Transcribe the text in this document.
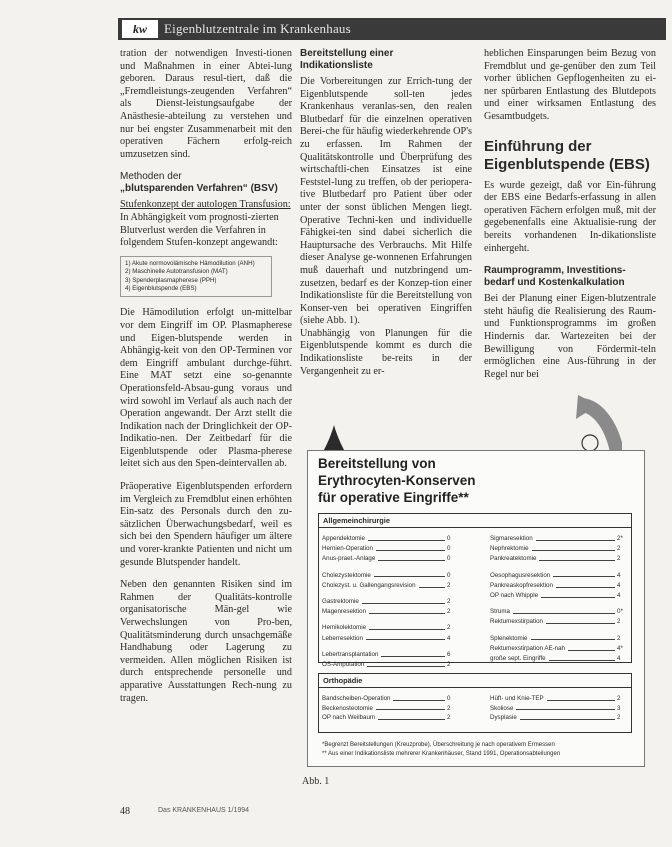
kw	Eigenblutzentrale im Krankenhaus

tration der notwendigen Investi-tionen und Maßnahmen in einer Abtei-lung geboren. Daraus resul-tiert, daß die „Fremdleistungs-zeugenden Verfahren“ als Dienst-leistungsaufgabe der Anästhesie-abteilung zu verstehen und nur bei engster Zusammenarbeit mit den operativen Fächern erfolg-reich umzusetzen sind.

Methoden der
„blutsparenden Verfahren“ (BSV)
Stufenkonzept der autologen Transfusion:

In Abhängigkeit vom prognosti-zierten Blutverlust werden die Verfahren in folgendem Stufen-konzept angewandt:

1) Akute normovolämische Hämodilution (ANH)
2) Maschinelle Autotransfusion (MAT)
3) Spenderplasmapherese (PPH)
4) Eigenblutspende (EBS)

Die Hämodilution erfolgt un-mittelbar vor dem Eingriff im OP. Plasmapherese und Eigen-blutspende werden in Abhängig-keit von den OP-Terminen vor dem Eingriff ambulant durchge-führt. Eine MAT setzt eine so-genannte Operationsfeld-Absau-gung voraus und wird sowohl im Verlauf als auch nach der Operation angewandt. Der Arzt stellt die Indikation nach der Dringlichkeit der OP-Indikatio-nen. Der Zeitbedarf für die Eigenblutspende oder Plasma-pherese leitet sich aus den Spen-deintervallen ab.

Präoperative Eigenblutspenden erfordern im Vergleich zu Fremdblut einen erhöhten Ein-satz des Personals durch den zu-sätzlichen Überwachungsbedarf, weil es sich bei den Spendern häufiger um ältere und vorer-krankte Patienten und nicht um gesunde Blutspender handelt.

Neben den genannten Risiken sind im Rahmen der Qualitäts-kontrolle organisatorische Män-gel wie Verwechslungen von Pro-ben, Qualitätsminderung durch unsachgemäße Handhabung oder Lagerung zu vermeiden. Allen möglichen Risiken ist durch entsprechende personelle und apparative Ausstattungen Rech-nung zu tragen.

Bereitstellung einer
Indikationsliste

Die Vorbereitungen zur Errich-tung der Eigenblutspende soll-ten jedes Krankenhaus veranlas-sen, den realen Blutbedarf für die einzelnen operativen Berei-che für häufig wiederkehrende OP's zu erfassen. Im Rahmen der Qualitätskontrolle und Überprüfung des wirtschaftli-chen Einsatzes ist eine Feststel-lung zu treffen, ob der periopera-tive Blutbedarf pro Patient über oder unter der sonst üblichen Mengen liegt. Operative Techni-ken und individuelle Fähigkei-ten sind dabei sicherlich die Hauptursache des Verbrauchs. Mit Hilfe dieser Analyse ge-wonnenen Erfahrungen muß dauerhaft und nutzbringend um-zusetzen, bedarf es der Konzep-tion einer Indikationsliste für die Bereitstellung von Konser-ven bei operativen Eingriffen (siehe Abb. 1).

Unabhängig von Planungen für die Eigenblutspende kommt es durch die Indikationsliste be-reits in der Vergangenheit zu er-

heblichen Einsparungen beim Bezug von Fremdblut und ge-genüber den zum Teil vorher üblichen Gepflogenheiten zu ei-ner spürbaren Entlastung des Blutdepots und einer wirksamen Entlastung des Gesamtbudgets.

Einführung der
Eigenblutspende (EBS)

Es wurde gezeigt, daß vor Ein-führung der EBS eine Bedarfs-erfassung in allen operativen Fächern erfolgen muß, mit der gegebenenfalls eine Aktualisie-rung der bereits vorhandenen In-dikationsliste einhergeht.

Raumprogramm, Investitions-
bedarf und Kostenkalkulation

Bei der Planung einer Eigen-blutzentrale steht häufig die Realisierung des Raum- und Funktionsprogramms im großen Hindernis dar. Wartezeiten bei der Bewilligung von Fördermit-teln ermöglichen eine Aus-führung in der Regel nur bei

Bereitstellung von
Erythrocyten-Konserven
für operative Eingriffe**
Allgemeinchirurgie
Orthopädie
*Begrenzt Bereitstellungen (Kreuzprobe), Überschreitung je nach operativem Ermessen
** Aus einer Indikationsliste mehrerer Krankenhäuser, Stand 1991, Operationsabteilungen
Appendektomie	0
Hernien-Operation	0
Anus-praet.-Anlage	0
Cholezystektomie	0
Cholezyst. u. Gallengangsrevision	2
Gastrektomie	2
Magenresektion	2
Hemikolektomie	2
Leberresektion	4
Lebertransplantation	6
OS-Amputation	2
Sigmaresektion	2*
Nephrektomie	2
Pankreatektomie	2
Oesophagusresektion	4
Pankreaskopfresektion	4
OP nach Whipple	4
Struma	0*
Rektumexstirpation	2
Splenektomie	2
Rektumexstirpation AE-nah	4*
große sept. Eingriffe	4
Bandscheiben-Operation	0
Beckenosteotomie	2
OP nach Weilbaum	2
Hüft- und Knie-TEP	2
Skoliose	3
Dysplasie	2
Abb. 1
48	Das KRANKENHAUS 1/1994
